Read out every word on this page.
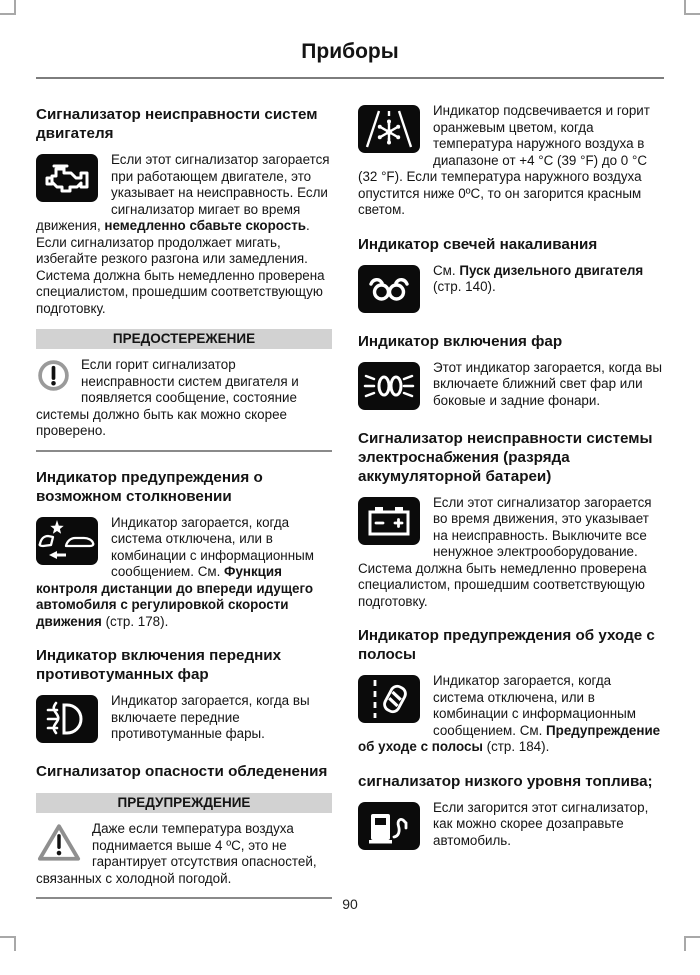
Приборы
Сигнализатор неисправности систем двигателя
Если этот сигнализатор загорается при работающем двигателе, это указывает на неисправность. Если сигнализатор мигает во время движения, немедленно сбавьте скорость. Если сигнализатор продолжает мигать, избегайте резкого разгона или замедления. Система должна быть немедленно проверена специалистом, прошедшим соответствующую подготовку.
ПРЕДОСТЕРЕЖЕНИЕ
Если горит сигнализатор неисправности систем двигателя и появляется сообщение, состояние системы должно быть как можно скорее проверено.
Индикатор предупреждения о возможном столкновении
Индикатор загорается, когда система отключена, или в комбинации с информационным сообщением. См. Функция контроля дистанции до впереди идущего автомобиля с регулировкой скорости движения (стр. 178).
Индикатор включения передних противотуманных фар
Индикатор загорается, когда вы включаете передние противотуманные фары.
Сигнализатор опасности обледенения
ПРЕДУПРЕЖДЕНИЕ
Даже если температура воздуха поднимается выше 4 ºC, это не гарантирует отсутствия опасностей, связанных с холодной погодой.
Индикатор подсвечивается и горит оранжевым цветом, когда температура наружного воздуха в диапазоне от +4 °C (39 °F) до 0 °C (32 °F). Если температура наружного воздуха опустится ниже 0ºC, то он загорится красным светом.
Индикатор свечей накаливания
См. Пуск дизельного двигателя (стр. 140).
Индикатор включения фар
Этот индикатор загорается, когда вы включаете ближний свет фар или боковые и задние фонари.
Сигнализатор неисправности системы электроснабжения (разряда аккумуляторной батареи)
Если этот сигнализатор загорается во время движения, это указывает на неисправность. Выключите все ненужное электрооборудование. Система должна быть немедленно проверена специалистом, прошедшим соответствующую подготовку.
Индикатор предупреждения об уходе с полосы
Индикатор загорается, когда система отключена, или в комбинации с информационным сообщением. См. Предупреждение об уходе с полосы (стр. 184).
сигнализатор низкого уровня топлива;
Если загорится этот сигнализатор, как можно скорее дозаправьте автомобиль.
90
